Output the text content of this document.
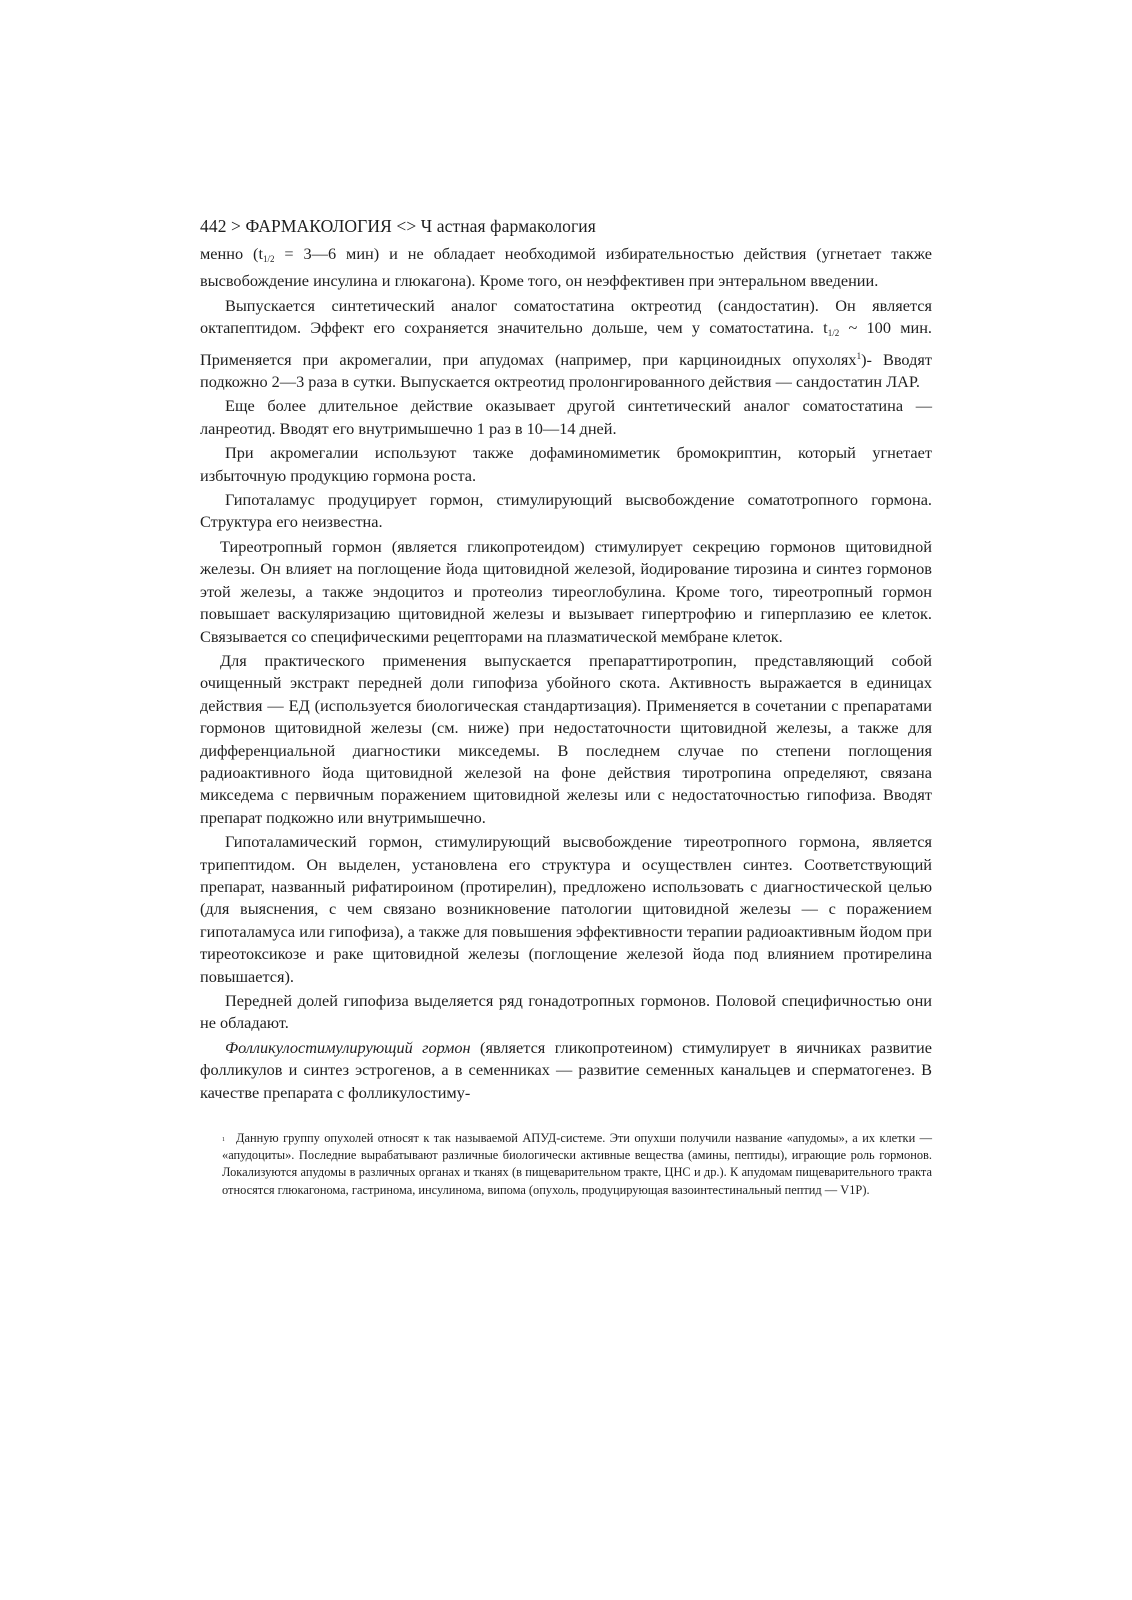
442 > ФАРМАКОЛОГИЯ <> Ч астная фармакология

менно ($t_{1/2}$ = 3—6 мин) и не обладает необходимой избирательностью действия (угнетает также высвобождение инсулина и глюкагона). Кроме того, он неэффективен при энтеральном введении.

Выпускается синтетический аналог соматостатина октреотид (сандостатин). Он является октапептидом. Эффект его сохраняется значительно дольше, чем у соматостатина. $t_{1/2}$ ~ 100 мин. Применяется при акромегалии, при апудомах (например, при карциноидных опухолях$^1$)- Вводят подкожно 2—3 раза в сутки. Выпускается октреотид пролонгированного действия — сандостатин ЛАР.

Еще более длительное действие оказывает другой синтетический аналог соматостатина — ланреотид. Вводят его внутримышечно 1 раз в 10—14 дней.

При акромегалии используют также дофаминомиметик бромокриптин, который угнетает избыточную продукцию гормона роста.

Гипоталамус продуцирует гормон, стимулирующий высвобождение соматотропного гормона. Структура его неизвестна.

Тиреотропный гормон (является гликопротеидом) стимулирует секрецию гормонов щитовидной железы. Он влияет на поглощение йода щитовидной железой, йодирование тирозина и синтез гормонов этой железы, а также эндоцитоз и протеолиз тиреоглобулина. Кроме того, тиреотропный гормон повышает васкуляризацию щитовидной железы и вызывает гипертрофию и гиперплазию ее клеток. Связывается со специфическими рецепторами на плазматической мембране клеток.

Для практического применения выпускается препараттиротропин, представляющий собой очищенный экстракт передней доли гипофиза убойного скота. Активность выражается в единицах действия — ЕД (используется биологическая стандартизация). Применяется в сочетании с препаратами гормонов щитовидной железы (см. ниже) при недостаточности щитовидной железы, а также для дифференциальной диагностики микседемы. В последнем случае по степени поглощения радиоактивного йода щитовидной железой на фоне действия тиротропина определяют, связана микседема с первичным поражением щитовидной железы или с недостаточностью гипофиза. Вводят препарат подкожно или внутримышечно.

Гипоталамический гормон, стимулирующий высвобождение тиреотропного гормона, является трипептидом. Он выделен, установлена его структура и осуществлен синтез. Соответствующий препарат, названный рифатироином (протирелин), предложено использовать с диагностической целью (для выяснения, с чем связано возникновение патологии щитовидной железы — с поражением гипоталамуса или гипофиза), а также для повышения эффективности терапии радиоактивным йодом при тиреотоксикозе и раке щитовидной железы (поглощение железой йода под влиянием протирелина повышается).

Передней долей гипофиза выделяется ряд гонадотропных гормонов. Половой специфичностью они не обладают.

Фолликулостимулирующий гормон (является гликопротеином) стимулирует в яичниках развитие фолликулов и синтез эстрогенов, а в семенниках — развитие семенных канальцев и сперматогенез. В качестве препарата с фолликулостиму-

1 Данную группу опухолей относят к так называемой АПУД-системе. Эти опухши получили название «апудомы», а их клетки — «апудоциты». Последние вырабатывают различные биологически активные вещества (амины, пептиды), играющие роль гормонов. Локализуются апудомы в различных органах и тканях (в пищеварительном тракте, ЦНС и др.). К апудомам пищеварительного тракта относятся глюкагонома, гастринома, инсулинома, випома (опухоль, продуцирующая вазоинтестинальный пептид — V1P).
